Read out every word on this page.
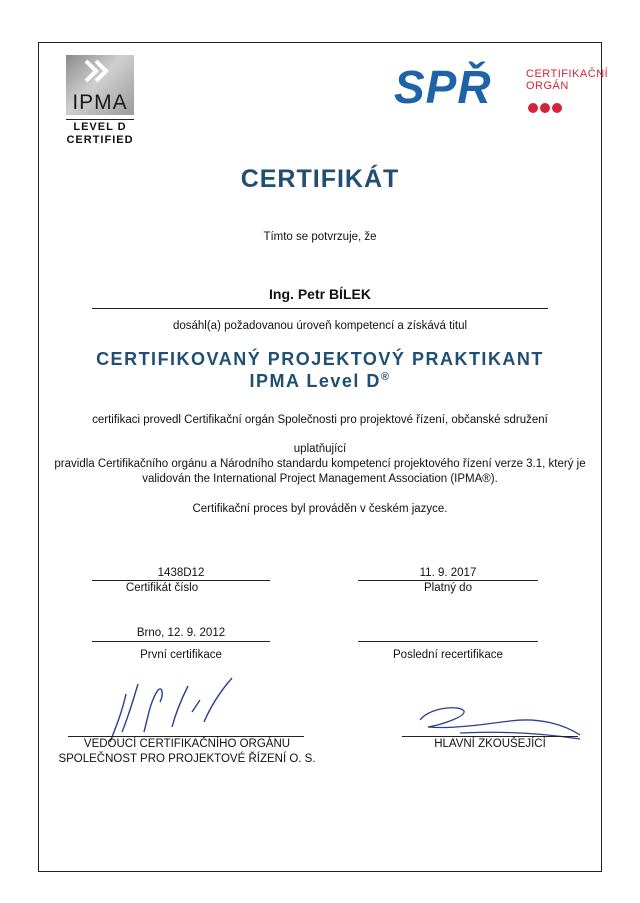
IPMA
LEVEL D
CERTIFIED
SPŘ	CERTIFIKAČNÍ
ORGÁN
CERTIFIKÁT
Tímto se potvrzuje, že
Ing. Petr BÍLEK
dosáhl(a) požadovanou úroveň kompetencí a získává titul
CERTIFIKOVANÝ PROJEKTOVÝ PRAKTIKANT
IPMA Level D®
certifikaci provedl Certifikační orgán Společnosti pro projektové řízení, občanské sdružení
uplatňující
pravidla Certifikačního orgánu a Národního standardu kompetencí projektového řízení verze 3.1, který je
validován the International Project Management Association (IPMA®).
Certifikační proces byl prováděn v českém jazyce.
1438D12
Certifikát číslo
11. 9. 2017
Platný do
Brno, 12. 9. 2012
První certifikace	Poslední recertifikace
VEDOUCÍ CERTIFIKAČNÍHO ORGÁNU
SPOLEČNOST PRO PROJEKTOVÉ ŘÍZENÍ O. S.
HLAVNÍ ZKOUŠEJÍCÍ
